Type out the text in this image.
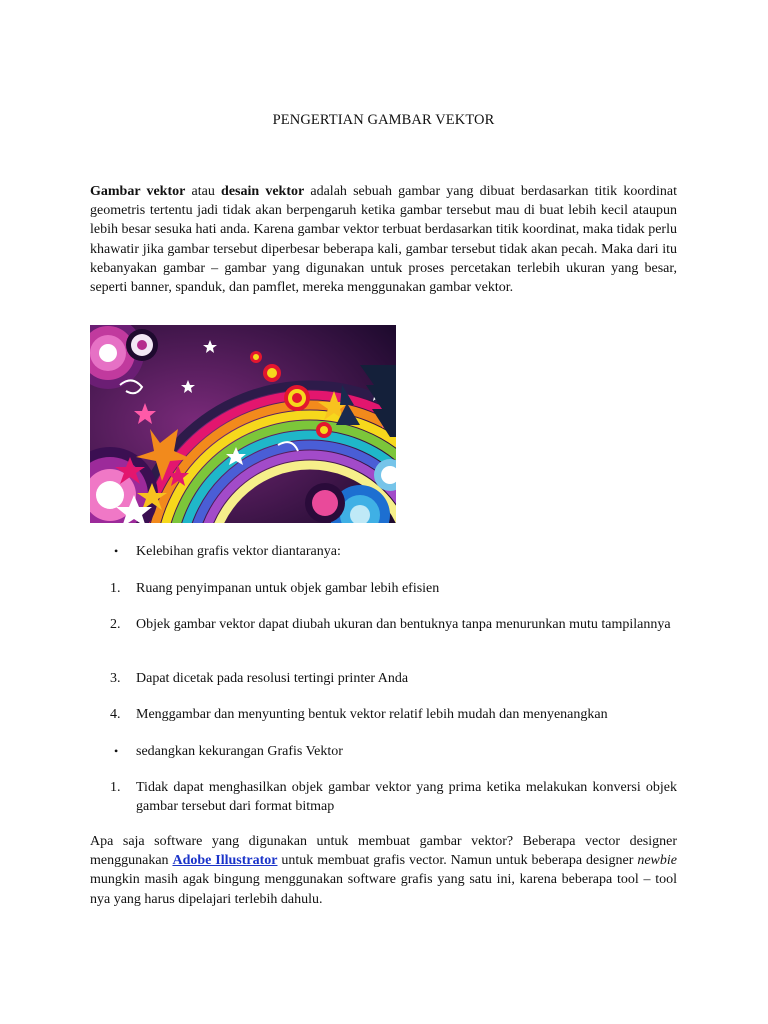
PENGERTIAN GAMBAR VEKTOR

Gambar vektor atau desain vektor adalah sebuah gambar yang dibuat berdasarkan titik koordinat geometris tertentu jadi tidak akan berpengaruh ketika gambar tersebut mau di buat lebih kecil ataupun lebih besar sesuka hati anda. Karena gambar vektor terbuat berdasarkan titik koordinat, maka tidak perlu khawatir jika gambar tersebut diperbesar beberapa kali, gambar tersebut tidak akan pecah. Maka dari itu kebanyakan gambar – gambar yang digunakan untuk proses percetakan terlebih ukuran yang besar, seperti banner, spanduk, dan pamflet, mereka menggunakan gambar vektor.

•	Kelebihan grafis vektor diantaranya:
1.	Ruang penyimpanan untuk objek gambar lebih efisien
2.	Objek gambar vektor dapat diubah ukuran dan bentuknya tanpa menurunkan mutu tampilannya
3.	Dapat dicetak pada resolusi tertingi printer Anda
4.	Menggambar dan menyunting bentuk vektor relatif lebih mudah dan menyenangkan
•	sedangkan kekurangan Grafis Vektor
1.	Tidak dapat menghasilkan objek gambar vektor yang prima ketika melakukan konversi objek gambar tersebut dari format bitmap

Apa saja software yang digunakan untuk membuat gambar vektor? Beberapa vector designer menggunakan Adobe Illustrator untuk membuat grafis vector. Namun untuk beberapa designer newbie mungkin masih agak bingung menggunakan software grafis yang satu ini, karena beberapa tool – tool nya yang harus dipelajari terlebih dahulu.
